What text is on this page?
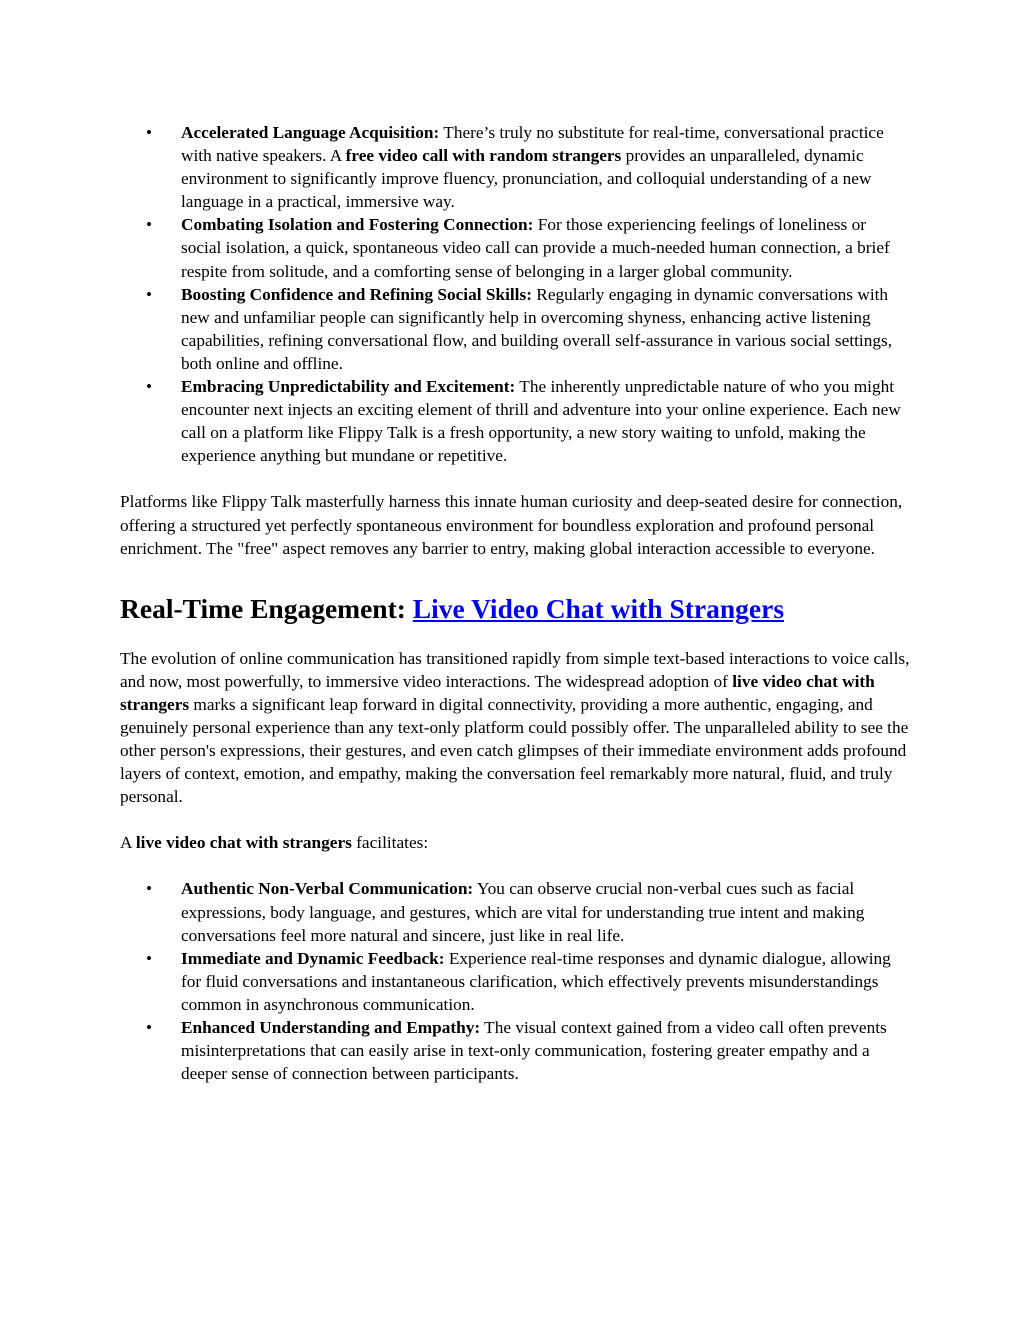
• Accelerated Language Acquisition: There’s truly no substitute for real-time, conversational practice with native speakers. A free video call with random strangers provides an unparalleled, dynamic environment to significantly improve fluency, pronunciation, and colloquial understanding of a new language in a practical, immersive way.
• Combating Isolation and Fostering Connection: For those experiencing feelings of loneliness or social isolation, a quick, spontaneous video call can provide a much-needed human connection, a brief respite from solitude, and a comforting sense of belonging in a larger global community.
• Boosting Confidence and Refining Social Skills: Regularly engaging in dynamic conversations with new and unfamiliar people can significantly help in overcoming shyness, enhancing active listening capabilities, refining conversational flow, and building overall self-assurance in various social settings, both online and offline.
• Embracing Unpredictability and Excitement: The inherently unpredictable nature of who you might encounter next injects an exciting element of thrill and adventure into your online experience. Each new call on a platform like Flippy Talk is a fresh opportunity, a new story waiting to unfold, making the experience anything but mundane or repetitive.

Platforms like Flippy Talk masterfully harness this innate human curiosity and deep-seated desire for connection, offering a structured yet perfectly spontaneous environment for boundless exploration and profound personal enrichment. The "free" aspect removes any barrier to entry, making global interaction accessible to everyone.

Real-Time Engagement: Live Video Chat with Strangers

The evolution of online communication has transitioned rapidly from simple text-based interactions to voice calls, and now, most powerfully, to immersive video interactions. The widespread adoption of live video chat with strangers marks a significant leap forward in digital connectivity, providing a more authentic, engaging, and genuinely personal experience than any text-only platform could possibly offer. The unparalleled ability to see the other person's expressions, their gestures, and even catch glimpses of their immediate environment adds profound layers of context, emotion, and empathy, making the conversation feel remarkably more natural, fluid, and truly personal.

A live video chat with strangers facilitates:

• Authentic Non-Verbal Communication: You can observe crucial non-verbal cues such as facial expressions, body language, and gestures, which are vital for understanding true intent and making conversations feel more natural and sincere, just like in real life.
• Immediate and Dynamic Feedback: Experience real-time responses and dynamic dialogue, allowing for fluid conversations and instantaneous clarification, which effectively prevents misunderstandings common in asynchronous communication.
• Enhanced Understanding and Empathy: The visual context gained from a video call often prevents misinterpretations that can easily arise in text-only communication, fostering greater empathy and a deeper sense of connection between participants.
